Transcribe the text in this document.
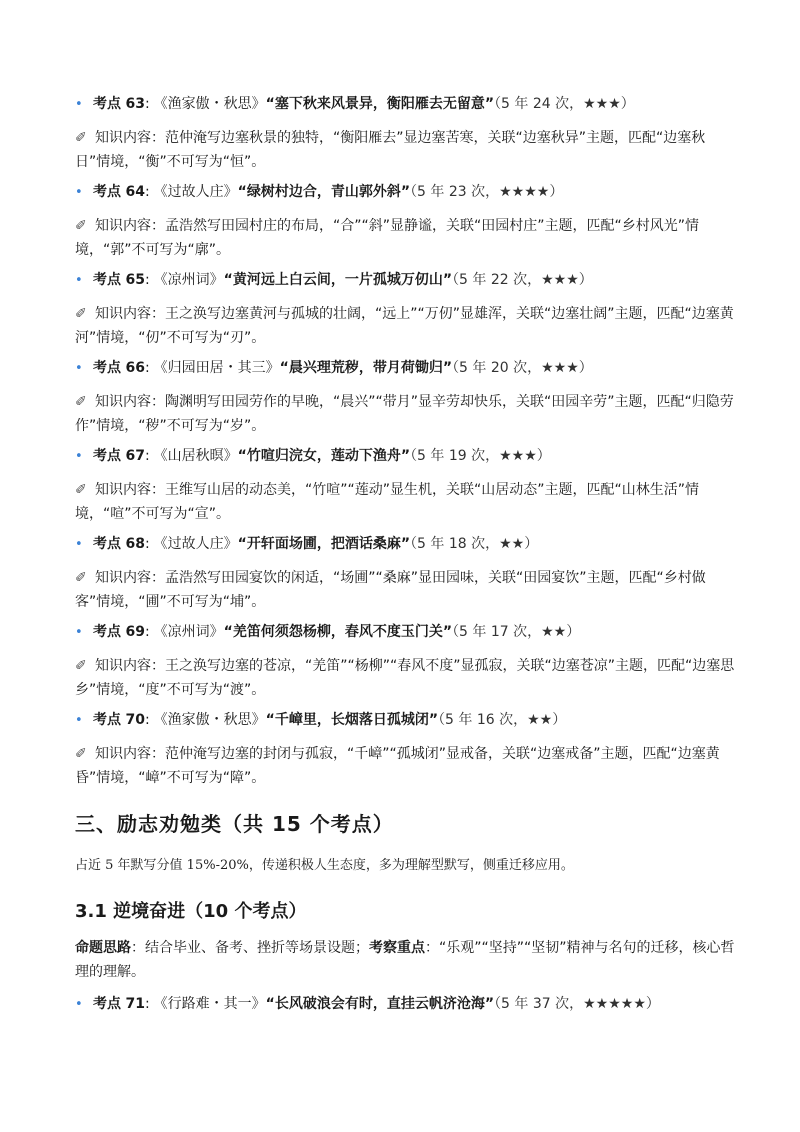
• 考点 63: 《渔家傲・秋思》“塞下秋来风景异，衡阳雁去无留意”（5 年 24 次，★★★）
✐ 知识内容：范仲淹写边塞秋景的独特，“衡阳雁去”显边塞苦寒，关联“边塞秋异”主题，匹配“边塞秋日”情境，“衡”不可写为“恒”。
• 考点 64: 《过故人庄》“绿树村边合，青山郭外斜”（5 年 23 次，★★★★）
✐ 知识内容：孟浩然写田园村庄的布局，“合”“斜”显静谧，关联“田园村庄”主题，匹配“乡村风光”情境，“郭”不可写为“廓”。
• 考点 65: 《凉州词》“黄河远上白云间，一片孤城万仞山”（5 年 22 次，★★★）
✐ 知识内容：王之涣写边塞黄河与孤城的壮阔，“远上”“万仞”显雄浑，关联“边塞壮阔”主题，匹配“边塞黄河”情境，“仞”不可写为“刃”。
• 考点 66: 《归园田居・其三》“晨兴理荒秽，带月荷锄归”（5 年 20 次，★★★）
✐ 知识内容：陶渊明写田园劳作的早晚，“晨兴”“带月”显辛劳却快乐，关联“田园辛劳”主题，匹配“归隐劳作”情境，“秽”不可写为“岁”。
• 考点 67: 《山居秋暝》“竹喧归浣女，莲动下渔舟”（5 年 19 次，★★★）
✐ 知识内容：王维写山居的动态美，“竹喧”“莲动”显生机，关联“山居动态”主题，匹配“山林生活”情境，“喧”不可写为“宣”。
• 考点 68: 《过故人庄》“开轩面场圃，把酒话桑麻”（5 年 18 次，★★）
✐ 知识内容：孟浩然写田园宴饮的闲适，“场圃”“桑麻”显田园味，关联“田园宴饮”主题，匹配“乡村做客”情境，“圃”不可写为“埔”。
• 考点 69: 《凉州词》“羌笛何须怨杨柳，春风不度玉门关”（5 年 17 次，★★）
✐ 知识内容：王之涣写边塞的苍凉，“羌笛”“杨柳”“春风不度”显孤寂，关联“边塞苍凉”主题，匹配“边塞思乡”情境，“度”不可写为“渡”。
• 考点 70: 《渔家傲・秋思》“千嶂里，长烟落日孤城闭”（5 年 16 次，★★）
✐ 知识内容：范仲淹写边塞的封闭与孤寂，“千嶂”“孤城闭”显戒备，关联“边塞戒备”主题，匹配“边塞黄昏”情境，“嶂”不可写为“障”。
三、励志劝勉类（共 15 个考点）
占近 5 年默写分值 15%-20%，传递积极人生态度，多为理解型默写，侧重迁移应用。
3.1 逆境奋进（10 个考点）
命题思路：结合毕业、备考、挫折等场景设题；考察重点：“乐观”“坚持”“坚韧”精神与名句的迁移，核心哲理的理解。
• 考点 71: 《行路难・其一》“长风破浪会有时，直挂云帆济沧海”（5 年 37 次，★★★★★）
